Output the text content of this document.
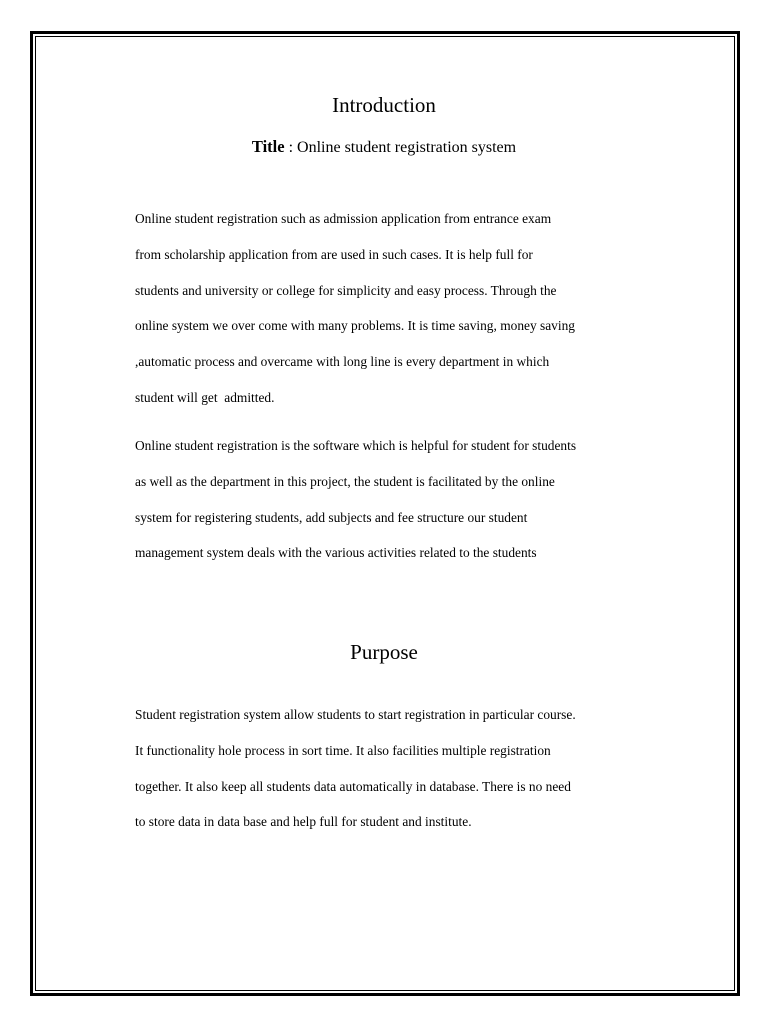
Introduction
Title : Online student registration system

Online student registration such as admission application from entrance exam
from scholarship application from are used in such cases. It is help full for
students and university or college for simplicity and easy process. Through the
online system we over come with many problems. It is time saving, money saving
,automatic process and overcame with long line is every department in which
student will get  admitted.

Online student registration is the software which is helpful for student for students
as well as the department in this project, the student is facilitated by the online
system for registering students, add subjects and fee structure our student
management system deals with the various activities related to the students

Purpose

Student registration system allow students to start registration in particular course.
It functionality hole process in sort time. It also facilities multiple registration
together. It also keep all students data automatically in database. There is no need
to store data in data base and help full for student and institute.
